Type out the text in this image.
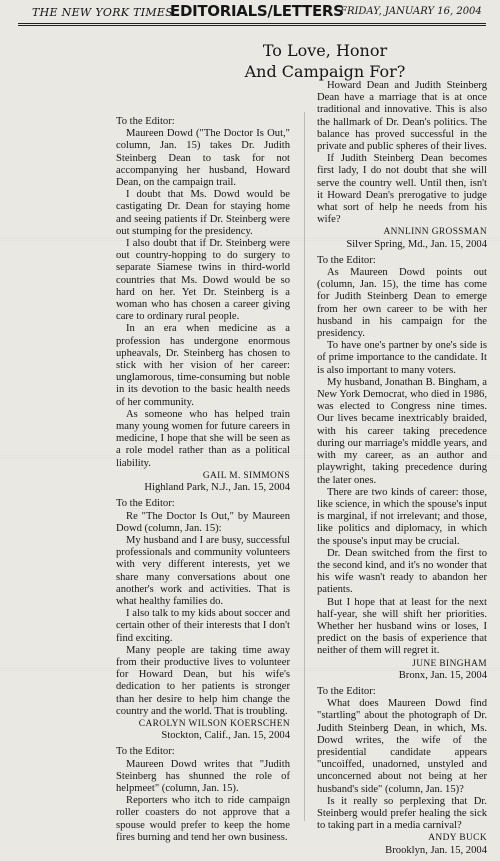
THE NEW YORK TIMES
EDITORIALS/LETTERS
FRIDAY, JANUARY 16, 2004
To Love, Honor
And Campaign For?

To the Editor:

Maureen Dowd ("The Doctor Is Out," column, Jan. 15) takes Dr. Judith Steinberg Dean to task for not accompanying her husband, Howard Dean, on the campaign trail.

I doubt that Ms. Dowd would be castigating Dr. Dean for staying home and seeing patients if Dr. Steinberg were out stumping for the presidency.

I also doubt that if Dr. Steinberg were out country-hopping to do surgery to separate Siamese twins in third-world countries that Ms. Dowd would be so hard on her. Yet Dr. Steinberg is a woman who has chosen a career giving care to ordinary rural people.

In an era when medicine as a profession has undergone enormous upheavals, Dr. Steinberg has chosen to stick with her vision of her career: unglamorous, time-consuming but noble in its devotion to the basic health needs of her community.

As someone who has helped train many young women for future careers in medicine, I hope that she will be seen as a role model rather than as a political liability.

GAIL M. SIMMONS

Highland Park, N.J., Jan. 15, 2004

To the Editor:

Re "The Doctor Is Out," by Maureen Dowd (column, Jan. 15):

My husband and I are busy, successful professionals and community volunteers with very different interests, yet we share many conversations about one another's work and activities. That is what healthy families do.

I also talk to my kids about soccer and certain other of their interests that I don't find exciting.

Many people are taking time away from their productive lives to volunteer for Howard Dean, but his wife's dedication to her patients is stronger than her desire to help him change the country and the world. That is troubling.

CAROLYN WILSON KOERSCHEN

Stockton, Calif., Jan. 15, 2004

To the Editor:

Maureen Dowd writes that "Judith Steinberg has shunned the role of helpmeet" (column, Jan. 15).

Reporters who itch to ride campaign roller coasters do not approve that a spouse would prefer to keep the home fires burning and tend her own business.

Howard Dean and Judith Steinberg Dean have a marriage that is at once traditional and innovative. This is also the hallmark of Dr. Dean's politics. The balance has proved successful in the private and public spheres of their lives.

If Judith Steinberg Dean becomes first lady, I do not doubt that she will serve the country well. Until then, isn't it Howard Dean's prerogative to judge what sort of help he needs from his wife?

ANNLINN GROSSMAN

Silver Spring, Md., Jan. 15, 2004

To the Editor:

As Maureen Dowd points out (column, Jan. 15), the time has come for Judith Steinberg Dean to emerge from her own career to be with her husband in his campaign for the presidency.

To have one's partner by one's side is of prime importance to the candidate. It is also important to many voters.

My husband, Jonathan B. Bingham, a New York Democrat, who died in 1986, was elected to Congress nine times. Our lives became inextricably braided, with his career taking precedence during our marriage's middle years, and with my career, as an author and playwright, taking precedence during the later ones.

There are two kinds of career: those, like science, in which the spouse's input is marginal, if not irrelevant; and those, like politics and diplomacy, in which the spouse's input may be crucial.

Dr. Dean switched from the first to the second kind, and it's no wonder that his wife wasn't ready to abandon her patients.

But I hope that at least for the next half-year, she will shift her priorities. Whether her husband wins or loses, I predict on the basis of experience that neither of them will regret it.

JUNE BINGHAM

Bronx, Jan. 15, 2004

To the Editor:

What does Maureen Dowd find "startling" about the photograph of Dr. Judith Steinberg Dean, in which, Ms. Dowd writes, the wife of the presidential candidate appears "uncoiffed, unadorned, unstyled and unconcerned about not being at her husband's side" (column, Jan. 15)?

Is it really so perplexing that Dr. Steinberg would prefer healing the sick to taking part in a media carnival?

ANDY BUCK

Brooklyn, Jan. 15, 2004
